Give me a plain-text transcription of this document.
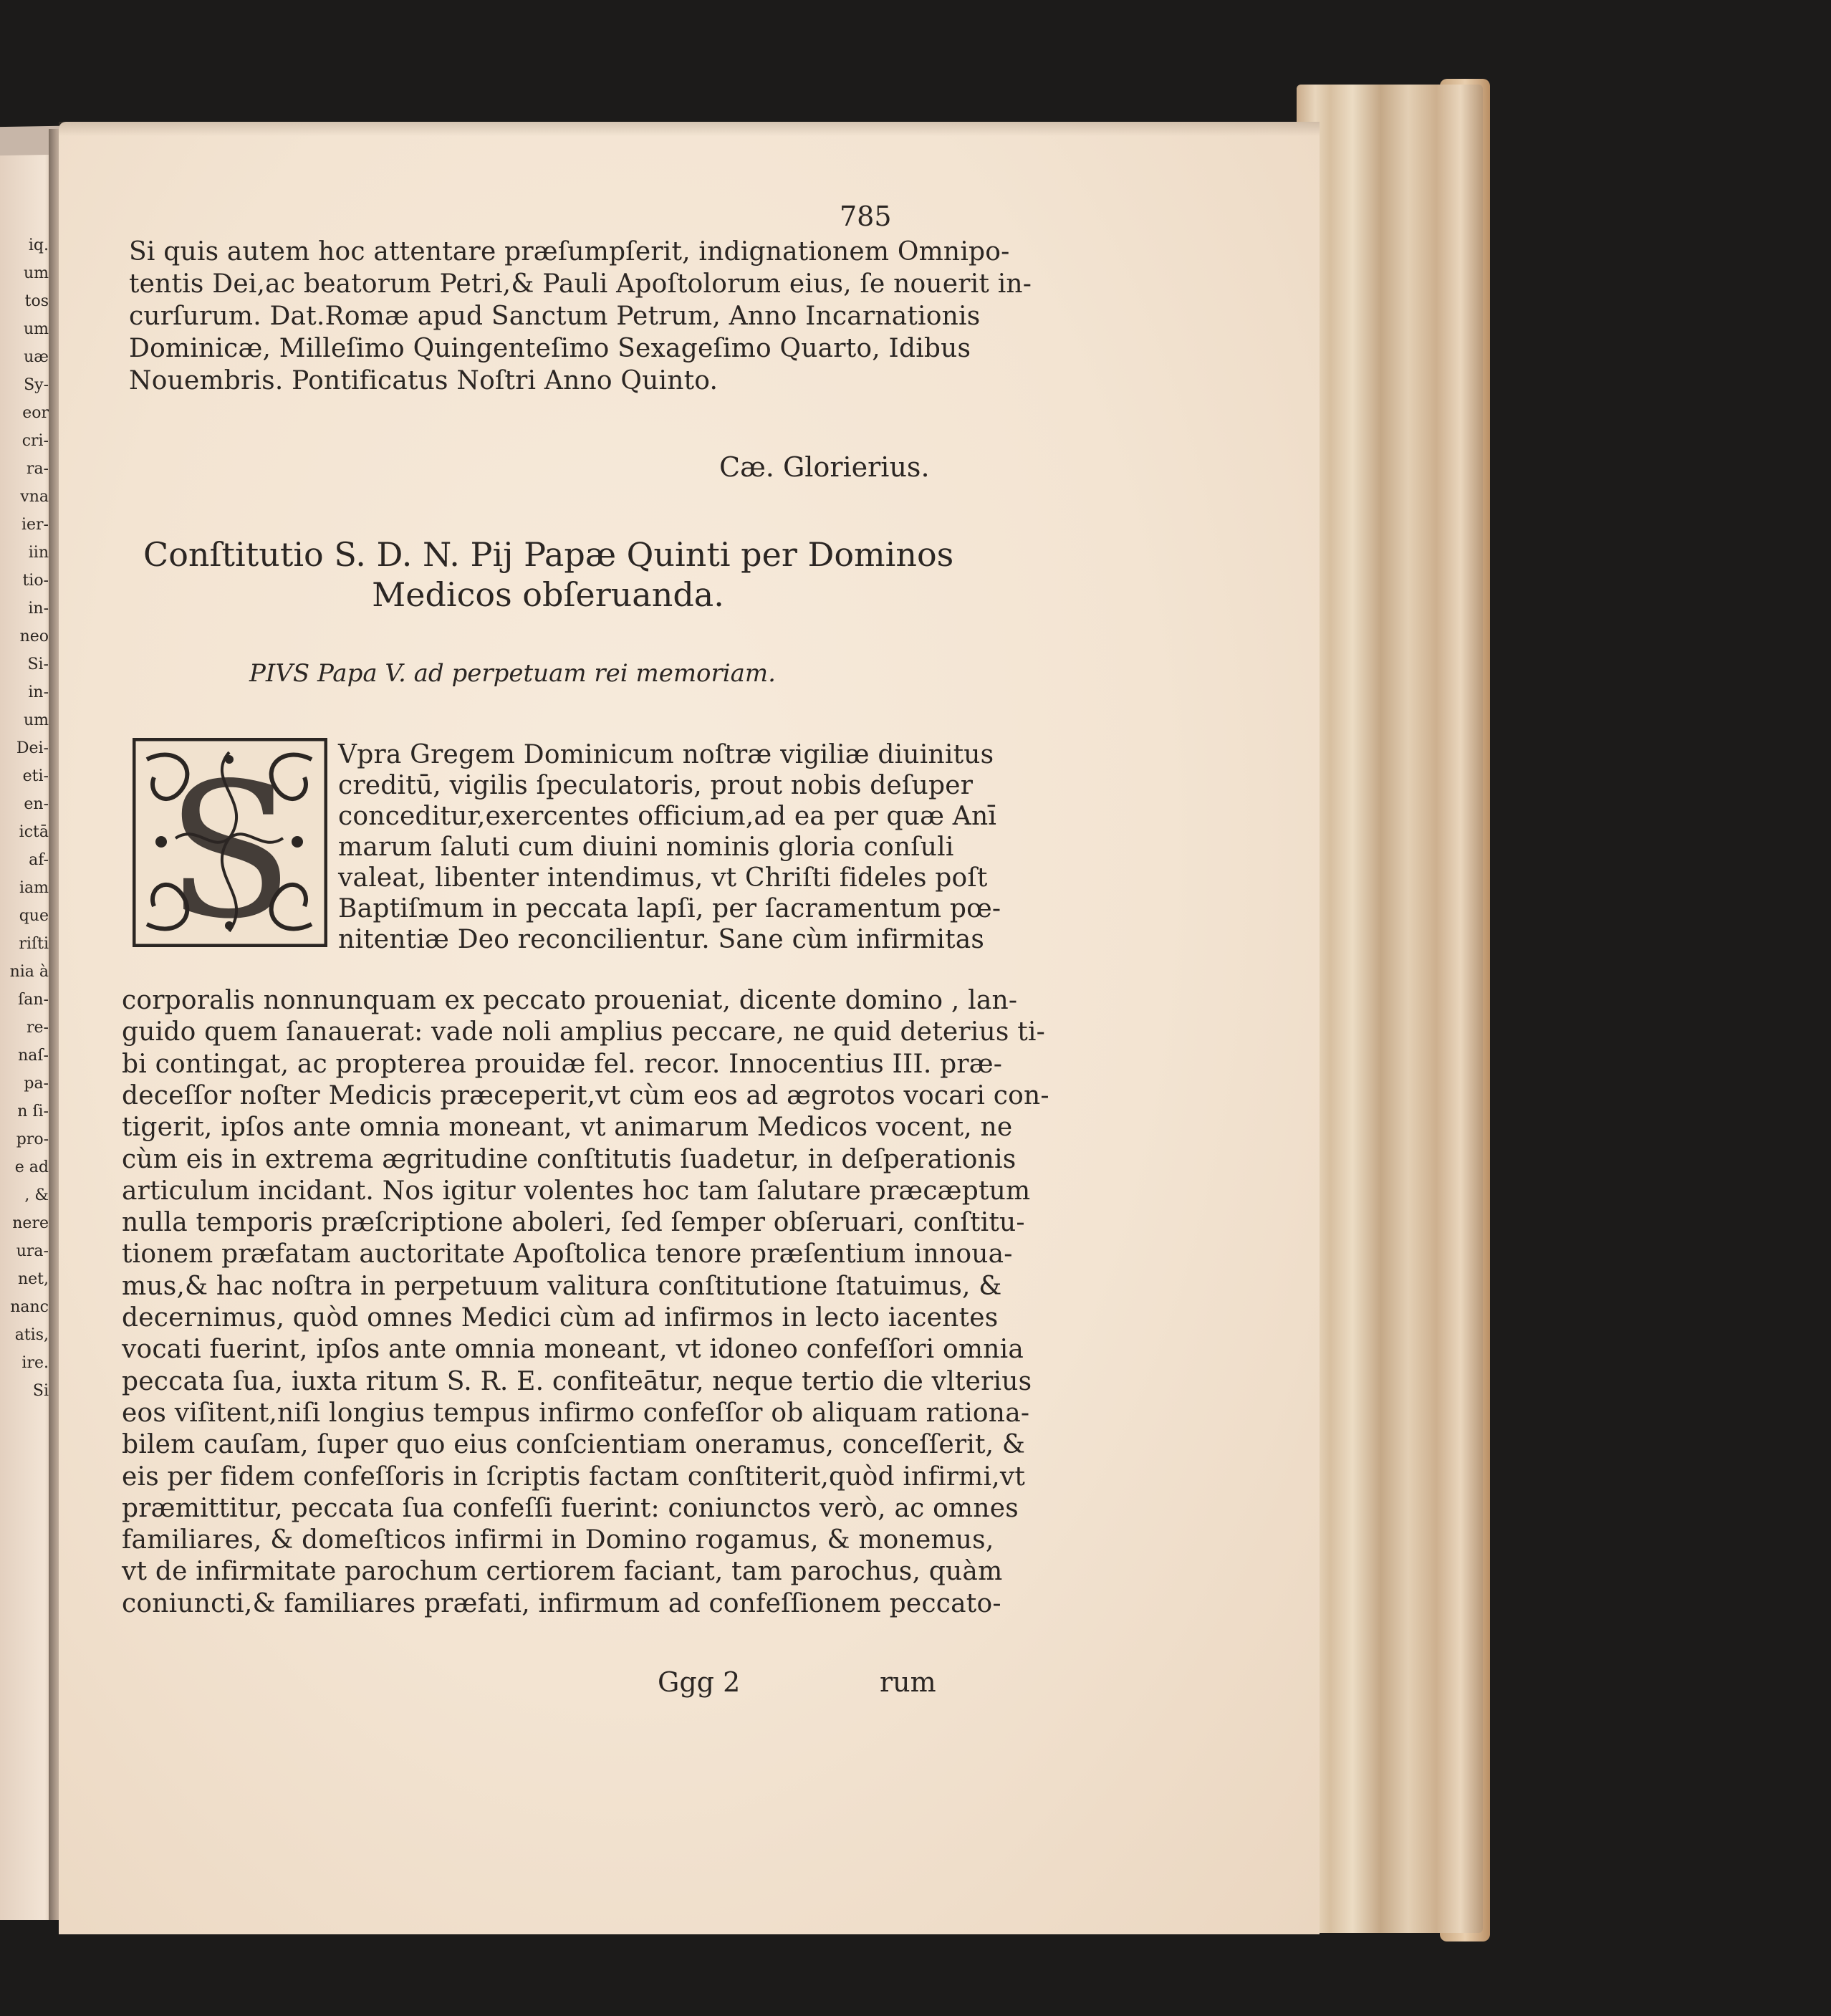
iq.
um
tos
um
uæ
Sy-
eor
cri-
ra-
vna
ier-
iin
tio-
in-
neo
Si-
in-
um
Dei-
eti-
en-
ictā
af-
iam
que
riſti
nia à
ſan-
re-
naſ-
pa-
n ſi-
pro-
e ad
, &
nere
ura-
net,
nanc
atis,
ire.
Si
785
Si quis autem hoc attentare præſumpſerit, indignationem Omnipo-
tentis Dei,ac beatorum Petri,& Pauli Apoſtolorum eius, ſe nouerit in-
curſurum. Dat.Romæ apud Sanctum Petrum, Anno Incarnationis
Dominicæ, Milleſimo Quingenteſimo Sexageſimo Quarto, Idibus
Nouembris. Pontificatus Noſtri Anno Quinto.
Cæ. Glorierius.
Conſtitutio S. D. N. Pij Papæ Quinti per Dominos
Medicos obſeruanda.
PIVS Papa V. ad perpetuam rei memoriam.
S Vpra Gregem Dominicum noſtræ vigiliæ diuinitus
creditū, vigilis ſpeculatoris, prout nobis deſuper
conceditur,exercentes officium,ad ea per quæ Anī
marum ſaluti cum diuini nominis gloria conſuli
valeat, libenter intendimus, vt Chriſti fideles poſt
Baptiſmum in peccata lapſi, per ſacramentum pœ-
nitentiæ Deo reconcilientur. Sane cùm infirmitas
corporalis nonnunquam ex peccato proueniat, dicente domino , lan-
guido quem ſanauerat: vade noli amplius peccare, ne quid deterius ti-
bi contingat, ac propterea prouidæ fel. recor. Innocentius III. præ-
deceſſor noſter Medicis præceperit,vt cùm eos ad ægrotos vocari con-
tigerit, ipſos ante omnia moneant, vt animarum Medicos vocent, ne
cùm eis in extrema ægritudine conſtitutis ſuadetur, in deſperationis
articulum incidant. Nos igitur volentes hoc tam ſalutare præcæptum
nulla temporis præſcriptione aboleri, ſed ſemper obſeruari, conſtitu-
tionem præfatam auctoritate Apoſtolica tenore præſentium innoua-
mus,& hac noſtra in perpetuum valitura conſtitutione ſtatuimus, &
decernimus, quòd omnes Medici cùm ad infirmos in lecto iacentes
vocati fuerint, ipſos ante omnia moneant, vt idoneo confeſſori omnia
peccata ſua, iuxta ritum S. R. E. confiteātur, neque tertio die vlterius
eos viſitent,niſi longius tempus infirmo confeſſor ob aliquam rationa-
bilem cauſam, ſuper quo eius conſcientiam oneramus, conceſſerit, &
eis per fidem confeſſoris in ſcriptis factam conſtiterit,quòd infirmi,vt
præmittitur, peccata ſua confeſſi fuerint: coniunctos verò, ac omnes
familiares, & domeſticos infirmi in Domino rogamus, & monemus,
vt de infirmitate parochum certiorem faciant, tam parochus, quàm
coniuncti,& familiares præfati, infirmum ad confeſſionem peccato-
Ggg 2	rum
